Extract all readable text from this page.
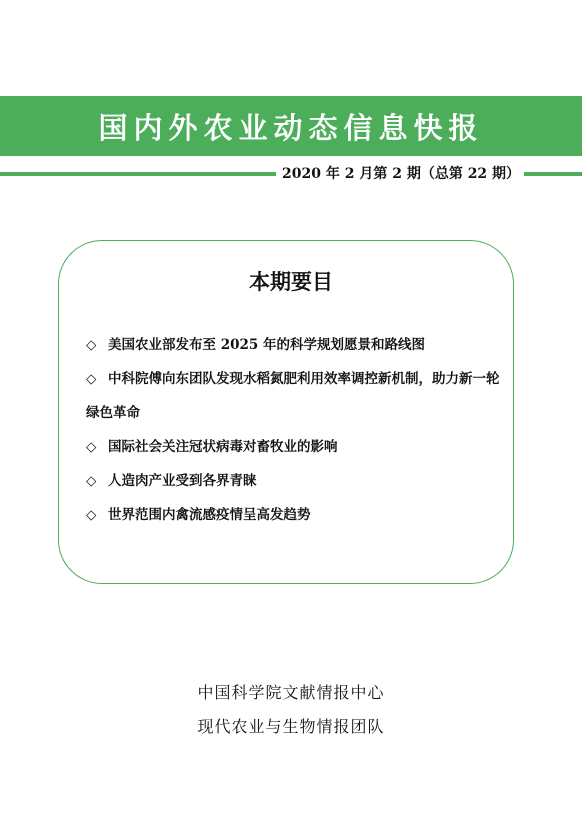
国内外农业动态信息快报
2020 年 2 月第 2 期（总第 22 期）
本期要目
◇ 美国农业部发布至 2025 年的科学规划愿景和路线图
◇ 中科院傅向东团队发现水稻氮肥利用效率调控新机制，助力新一轮绿色革命
◇ 国际社会关注冠状病毒对畜牧业的影响
◇ 人造肉产业受到各界青睐
◇ 世界范围内禽流感疫情呈高发趋势
中国科学院文献情报中心
现代农业与生物情报团队
